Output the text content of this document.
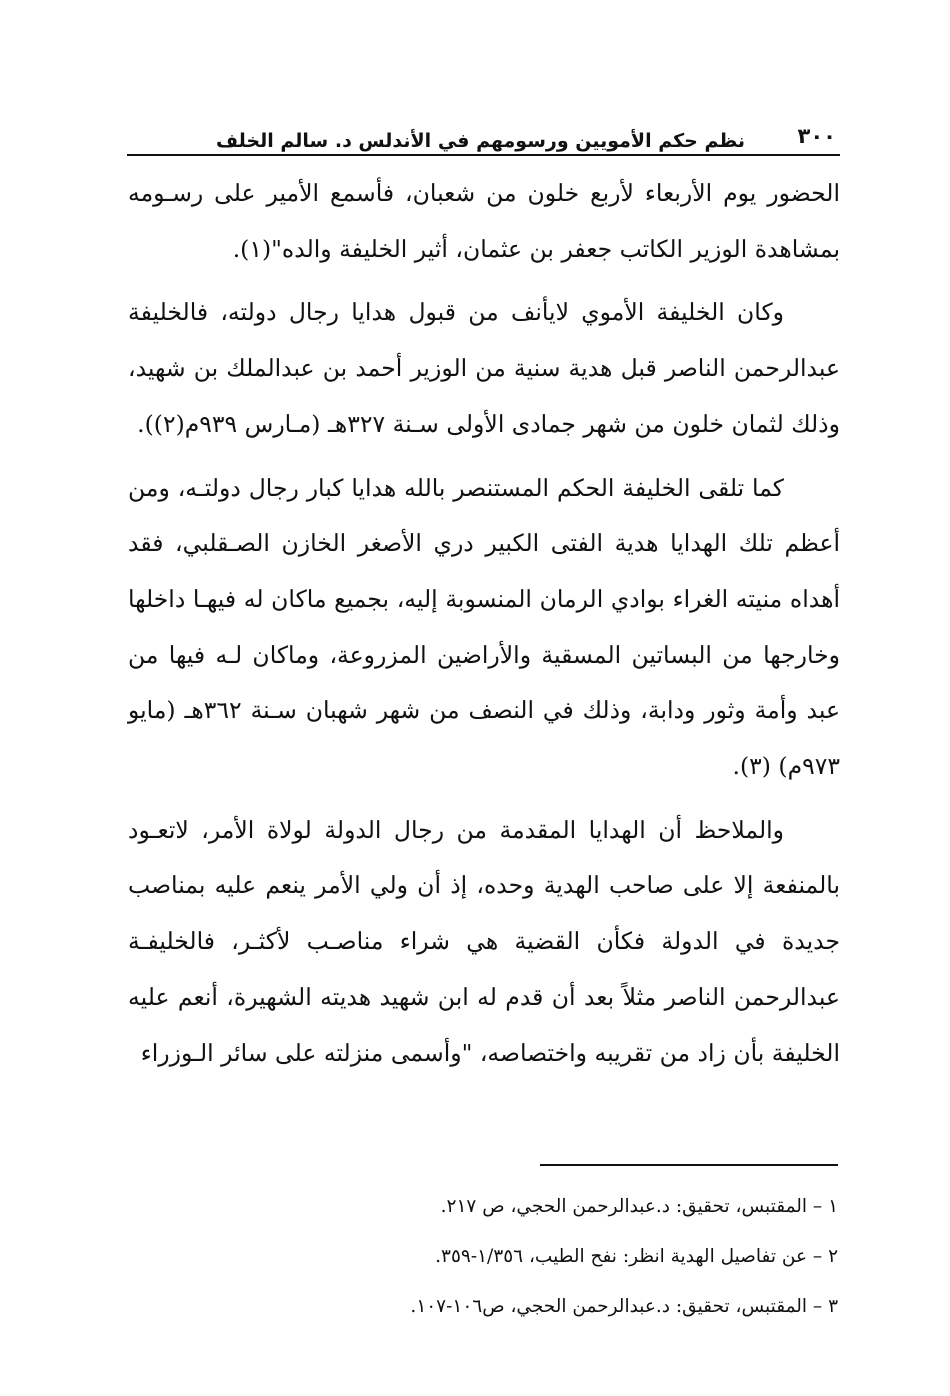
٣٠٠
نظم حكم الأمويين ورسومهم في الأندلس د. سالم الخلف

الحضور يوم الأربعاء لأربع خلون من شعبان، فأسمع الأمير على رسـومه بمشاهدة الوزير الكاتب جعفر بن عثمان، أثير الخليفة والده"(١).

وكان الخليفة الأموي لايأنف من قبول هدايا رجال دولته، فالخليفة عبدالرحمن الناصر قبل هدية سنية من الوزير أحمد بن عبدالملك بن شهيد، وذلك لثمان خلون من شهر جمادى الأولى سـنة ٣٢٧هـ (مـارس ٩٣٩م(٢)).

كما تلقى الخليفة الحكم المستنصر بالله هدايا كبار رجال دولتـه، ومن أعظم تلك الهدايا هدية الفتى الكبير دري الأصغر الخازن الصـقلبي، فقد أهداه منيته الغراء بوادي الرمان المنسوبة إليه، بجميع ماكان له فيهـا داخلها وخارجها من البساتين المسقية والأراضين المزروعة، وماكان لـه فيها من عبد وأمة وثور ودابة، وذلك في النصف من شهر شهبان سـنة ٣٦٢هـ (مايو ٩٧٣م) (٣).

والملاحظ أن الهدايا المقدمة من رجال الدولة لولاة الأمر، لاتعـود بالمنفعة إلا على صاحب الهدية وحده، إذ أن ولي الأمر ينعم عليه بمناصب جديدة في الدولة فكأن القضية هي شراء مناصـب لأكثـر، فالخليفـة عبدالرحمن الناصر مثلاً بعد أن قدم له ابن شهيد هديته الشهيرة، أنعم عليه الخليفة بأن زاد من تقريبه واختصاصه، "وأسمى منزلته على سائر الـوزراء

١ – المقتبس، تحقيق: د.عبدالرحمن الحجي، ص ٢١٧.
٢ – عن تفاصيل الهدية انظر: نفح الطيب، ١/٣٥٦-٣٥٩.
٣ – المقتبس، تحقيق: د.عبدالرحمن الحجي، ص١٠٦-١٠٧.
